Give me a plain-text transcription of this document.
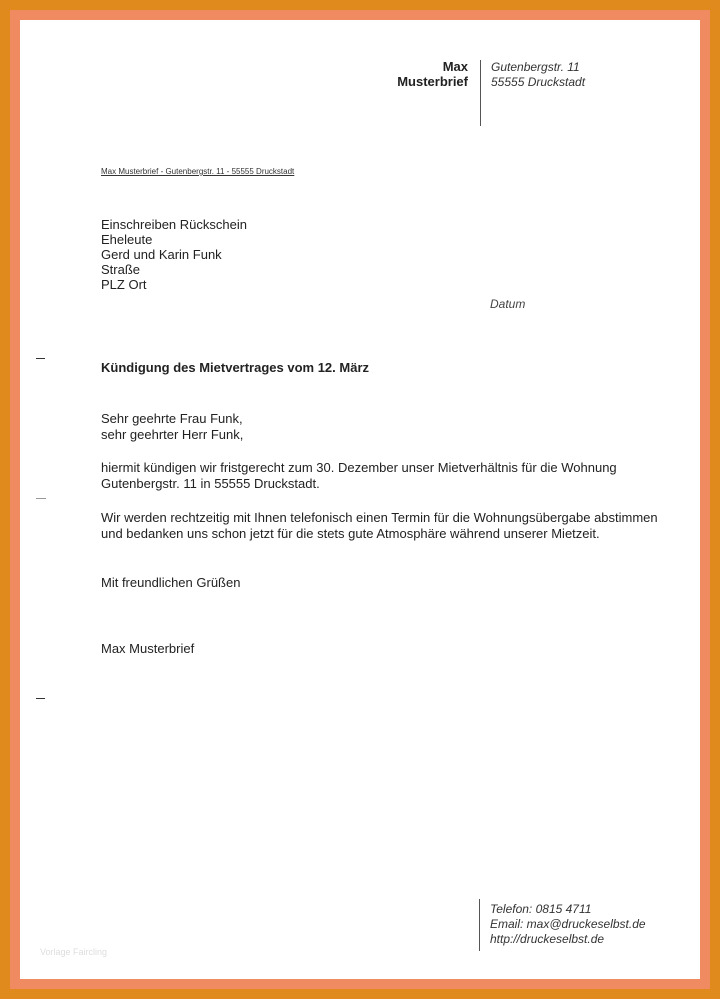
Max
Musterbrief
Gutenbergstr. 11
55555 Druckstadt
Max Musterbrief - Gutenbergstr. 11 - 55555 Druckstadt
Einschreiben Rückschein
Eheleute
Gerd und Karin Funk
Straße
PLZ Ort
Datum
Kündigung des Mietvertrages vom 12. März
Sehr geehrte Frau Funk,
sehr geehrter Herr Funk,
hiermit kündigen wir fristgerecht zum 30. Dezember unser Mietverhältnis für die Wohnung Gutenbergstr. 11 in 55555 Druckstadt.
Wir werden rechtzeitig mit Ihnen telefonisch einen Termin für die Wohnungsübergabe abstimmen und bedanken uns schon jetzt für die stets gute Atmosphäre während unserer Mietzeit.
Mit freundlichen Grüßen
Max Musterbrief
Telefon: 0815 4711
Email: max@druckeselbst.de
http://druckeselbst.de
Vorlage Faircling
